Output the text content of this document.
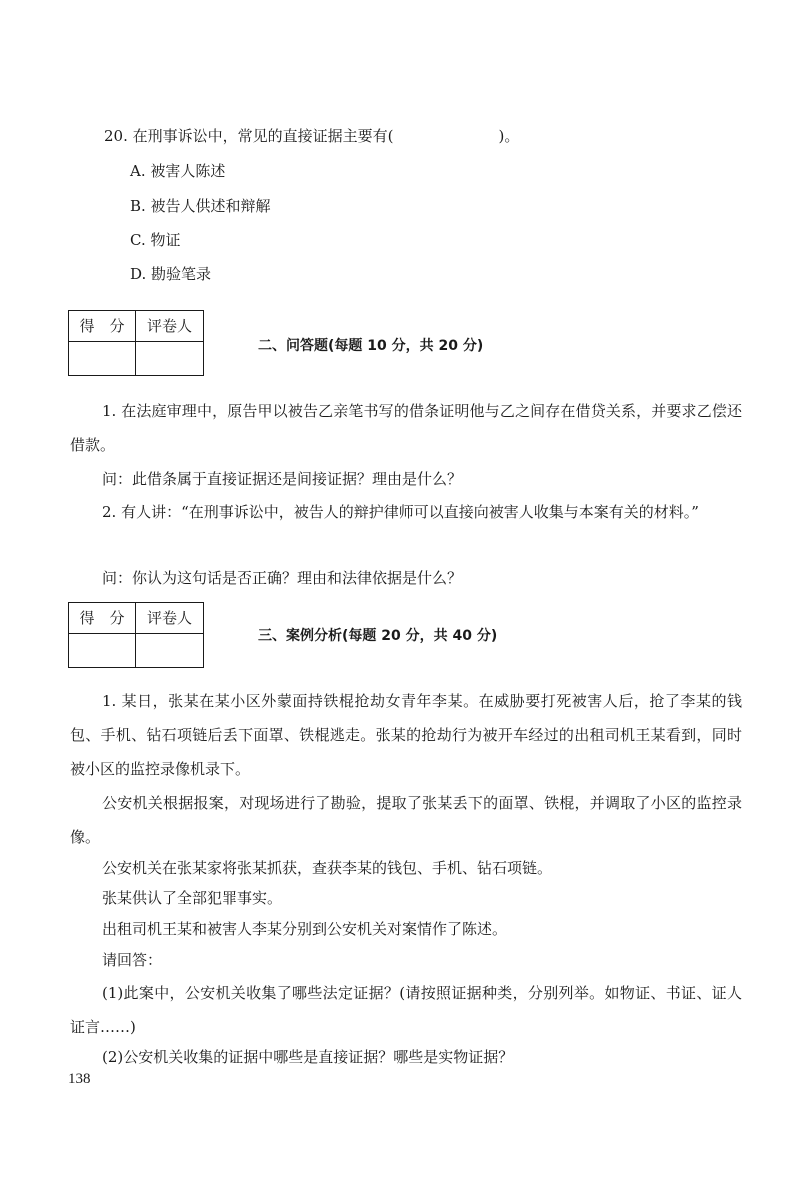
20. 在刑事诉讼中，常见的直接证据主要有(　　　　　　　)。

A. 被害人陈述

B. 被告人供述和辩解

C. 物证

D. 勘验笔录

得　分	评卷人

二、问答题(每题 10 分，共 20 分)

1. 在法庭审理中，原告甲以被告乙亲笔书写的借条证明他与乙之间存在借贷关系，并要求乙偿还借款。

问：此借条属于直接证据还是间接证据？理由是什么？

2. 有人讲：“在刑事诉讼中，被告人的辩护律师可以直接向被害人收集与本案有关的材料。”

问：你认为这句话是否正确？理由和法律依据是什么？

得　分	评卷人

三、案例分析(每题 20 分，共 40 分)

1. 某日，张某在某小区外蒙面持铁棍抢劫女青年李某。在威胁要打死被害人后，抢了李某的钱包、手机、钻石项链后丢下面罩、铁棍逃走。张某的抢劫行为被开车经过的出租司机王某看到，同时被小区的监控录像机录下。

公安机关根据报案，对现场进行了勘验，提取了张某丢下的面罩、铁棍，并调取了小区的监控录像。

公安机关在张某家将张某抓获，查获李某的钱包、手机、钻石项链。

张某供认了全部犯罪事实。

出租司机王某和被害人李某分别到公安机关对案情作了陈述。

请回答：

(1)此案中，公安机关收集了哪些法定证据？(请按照证据种类，分别列举。如物证、书证、证人证言……)

(2)公安机关收集的证据中哪些是直接证据？哪些是实物证据？

138
